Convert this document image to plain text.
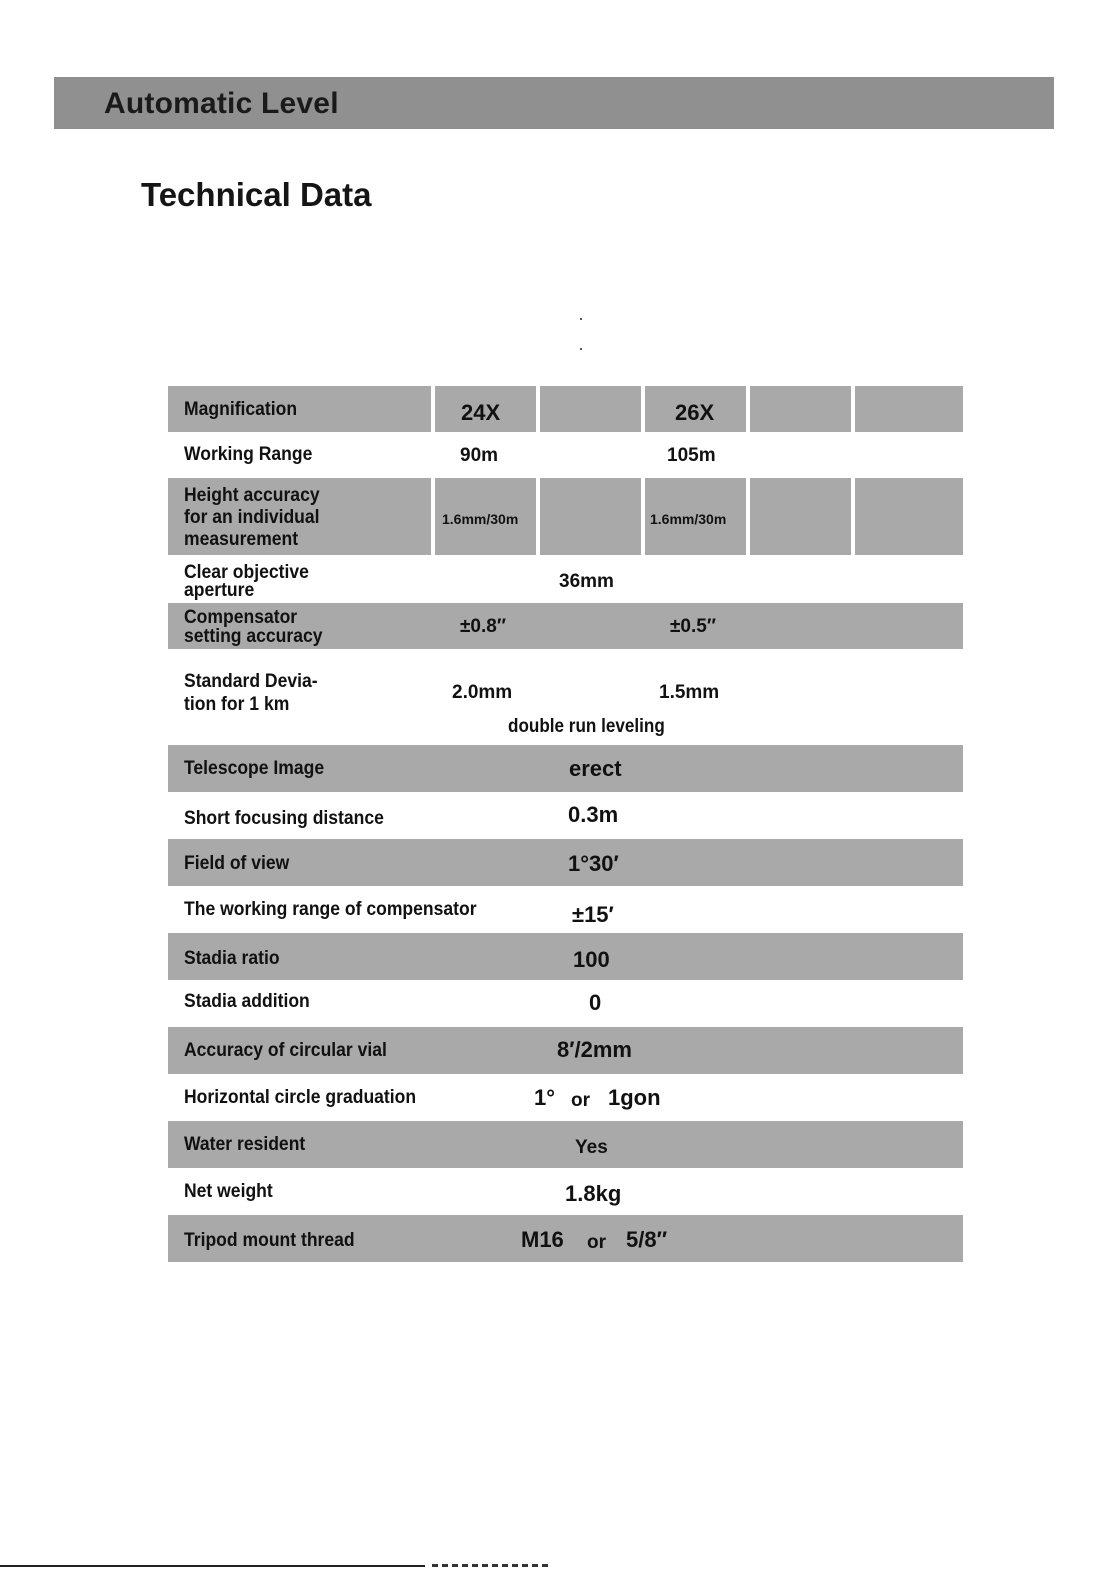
Automatic Level
Technical Data
Magnification	24X	26X
Working Range	90m	105m
Height accuracy
for an individual
measurement
1.6mm/30m	1.6mm/30m
Clear objective
aperture	36mm
Compensator
setting accuracy	±0.8″	±0.5″
Standard Devia-
tion for 1 km
2.0mm	1.5mm
double run leveling
Telescope Image	erect
Short focusing distance	0.3m
Field of view	1°30′
The working range of compensator	±15′
Stadia ratio	100
Stadia addition	0
Accuracy of circular vial	8′/2mm
Horizontal circle graduation	1° or 1gon
Water resident	Yes
Net weight	1.8kg
Tripod mount thread	M16 or 5/8″
